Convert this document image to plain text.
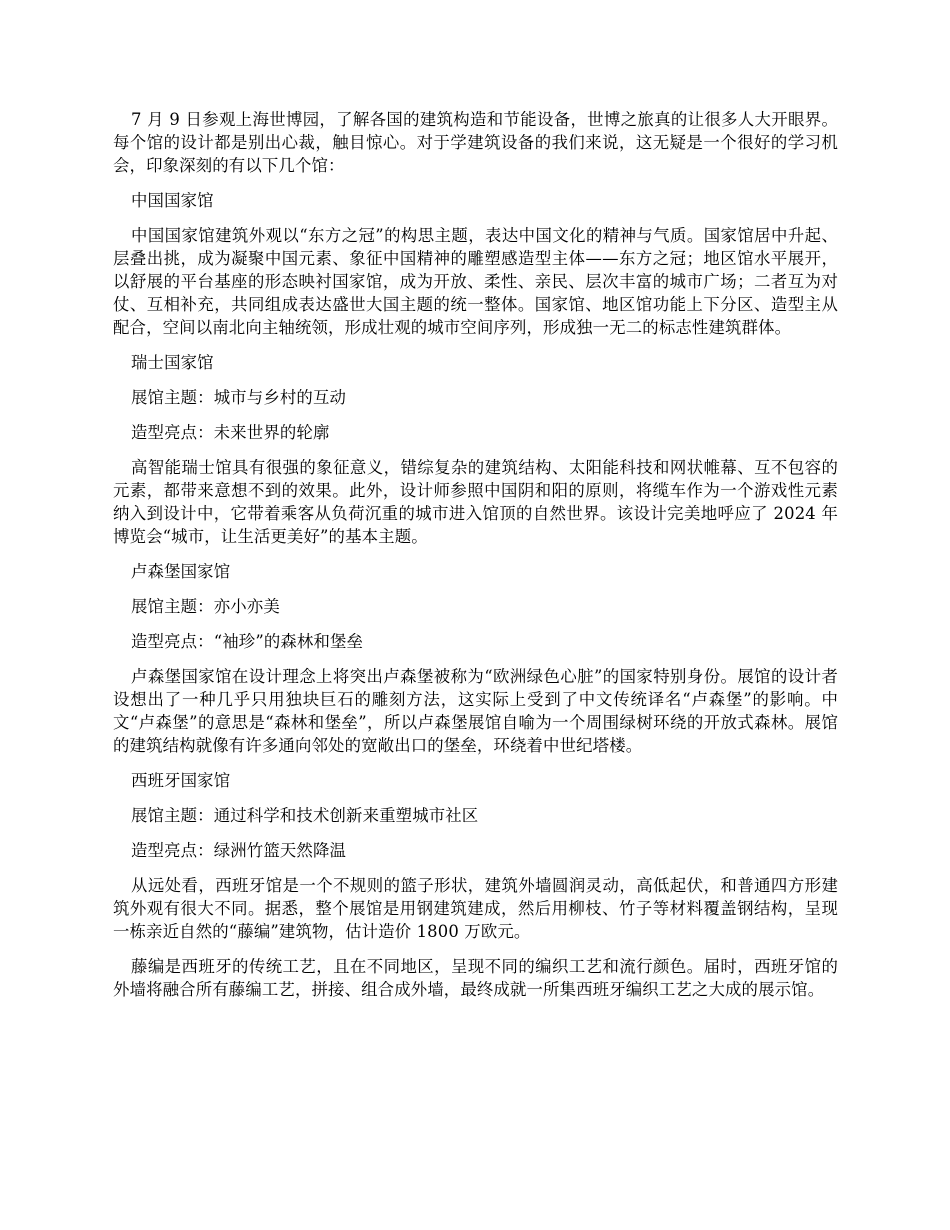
7 月 9 日参观上海世博园，了解各国的建筑构造和节能设备，世博之旅真的让很多人大开眼界。每个馆的设计都是别出心裁，触目惊心。对于学建筑设备的我们来说，这无疑是一个很好的学习机会，印象深刻的有以下几个馆：

中国国家馆

中国国家馆建筑外观以“东方之冠”的构思主题，表达中国文化的精神与气质。国家馆居中升起、层叠出挑，成为凝聚中国元素、象征中国精神的雕塑感造型主体——东方之冠；地区馆水平展开，以舒展的平台基座的形态映衬国家馆，成为开放、柔性、亲民、层次丰富的城市广场；二者互为对仗、互相补充，共同组成表达盛世大国主题的统一整体。国家馆、地区馆功能上下分区、造型主从配合，空间以南北向主轴统领，形成壮观的城市空间序列，形成独一无二的标志性建筑群体。

瑞士国家馆

展馆主题：城市与乡村的互动

造型亮点：未来世界的轮廓

高智能瑞士馆具有很强的象征意义，错综复杂的建筑结构、太阳能科技和网状帷幕、互不包容的元素，都带来意想不到的效果。此外，设计师参照中国阴和阳的原则，将缆车作为一个游戏性元素纳入到设计中，它带着乘客从负荷沉重的城市进入馆顶的自然世界。该设计完美地呼应了 2024 年博览会“城市，让生活更美好”的基本主题。

卢森堡国家馆

展馆主题：亦小亦美

造型亮点：“袖珍”的森林和堡垒

卢森堡国家馆在设计理念上将突出卢森堡被称为“欧洲绿色心脏”的国家特别身份。展馆的设计者设想出了一种几乎只用独块巨石的雕刻方法，这实际上受到了中文传统译名“卢森堡”的影响。中文“卢森堡”的意思是“森林和堡垒”，所以卢森堡展馆自喻为一个周围绿树环绕的开放式森林。展馆的建筑结构就像有许多通向邻处的宽敞出口的堡垒，环绕着中世纪塔楼。

西班牙国家馆

展馆主题：通过科学和技术创新来重塑城市社区

造型亮点：绿洲竹篮天然降温

从远处看，西班牙馆是一个不规则的篮子形状，建筑外墙圆润灵动，高低起伏，和普通四方形建筑外观有很大不同。据悉，整个展馆是用钢建筑建成，然后用柳枝、竹子等材料覆盖钢结构，呈现一栋亲近自然的“藤编”建筑物，估计造价 1800 万欧元。

藤编是西班牙的传统工艺，且在不同地区，呈现不同的编织工艺和流行颜色。届时，西班牙馆的外墙将融合所有藤编工艺，拼接、组合成外墙，最终成就一所集西班牙编织工艺之大成的展示馆。
